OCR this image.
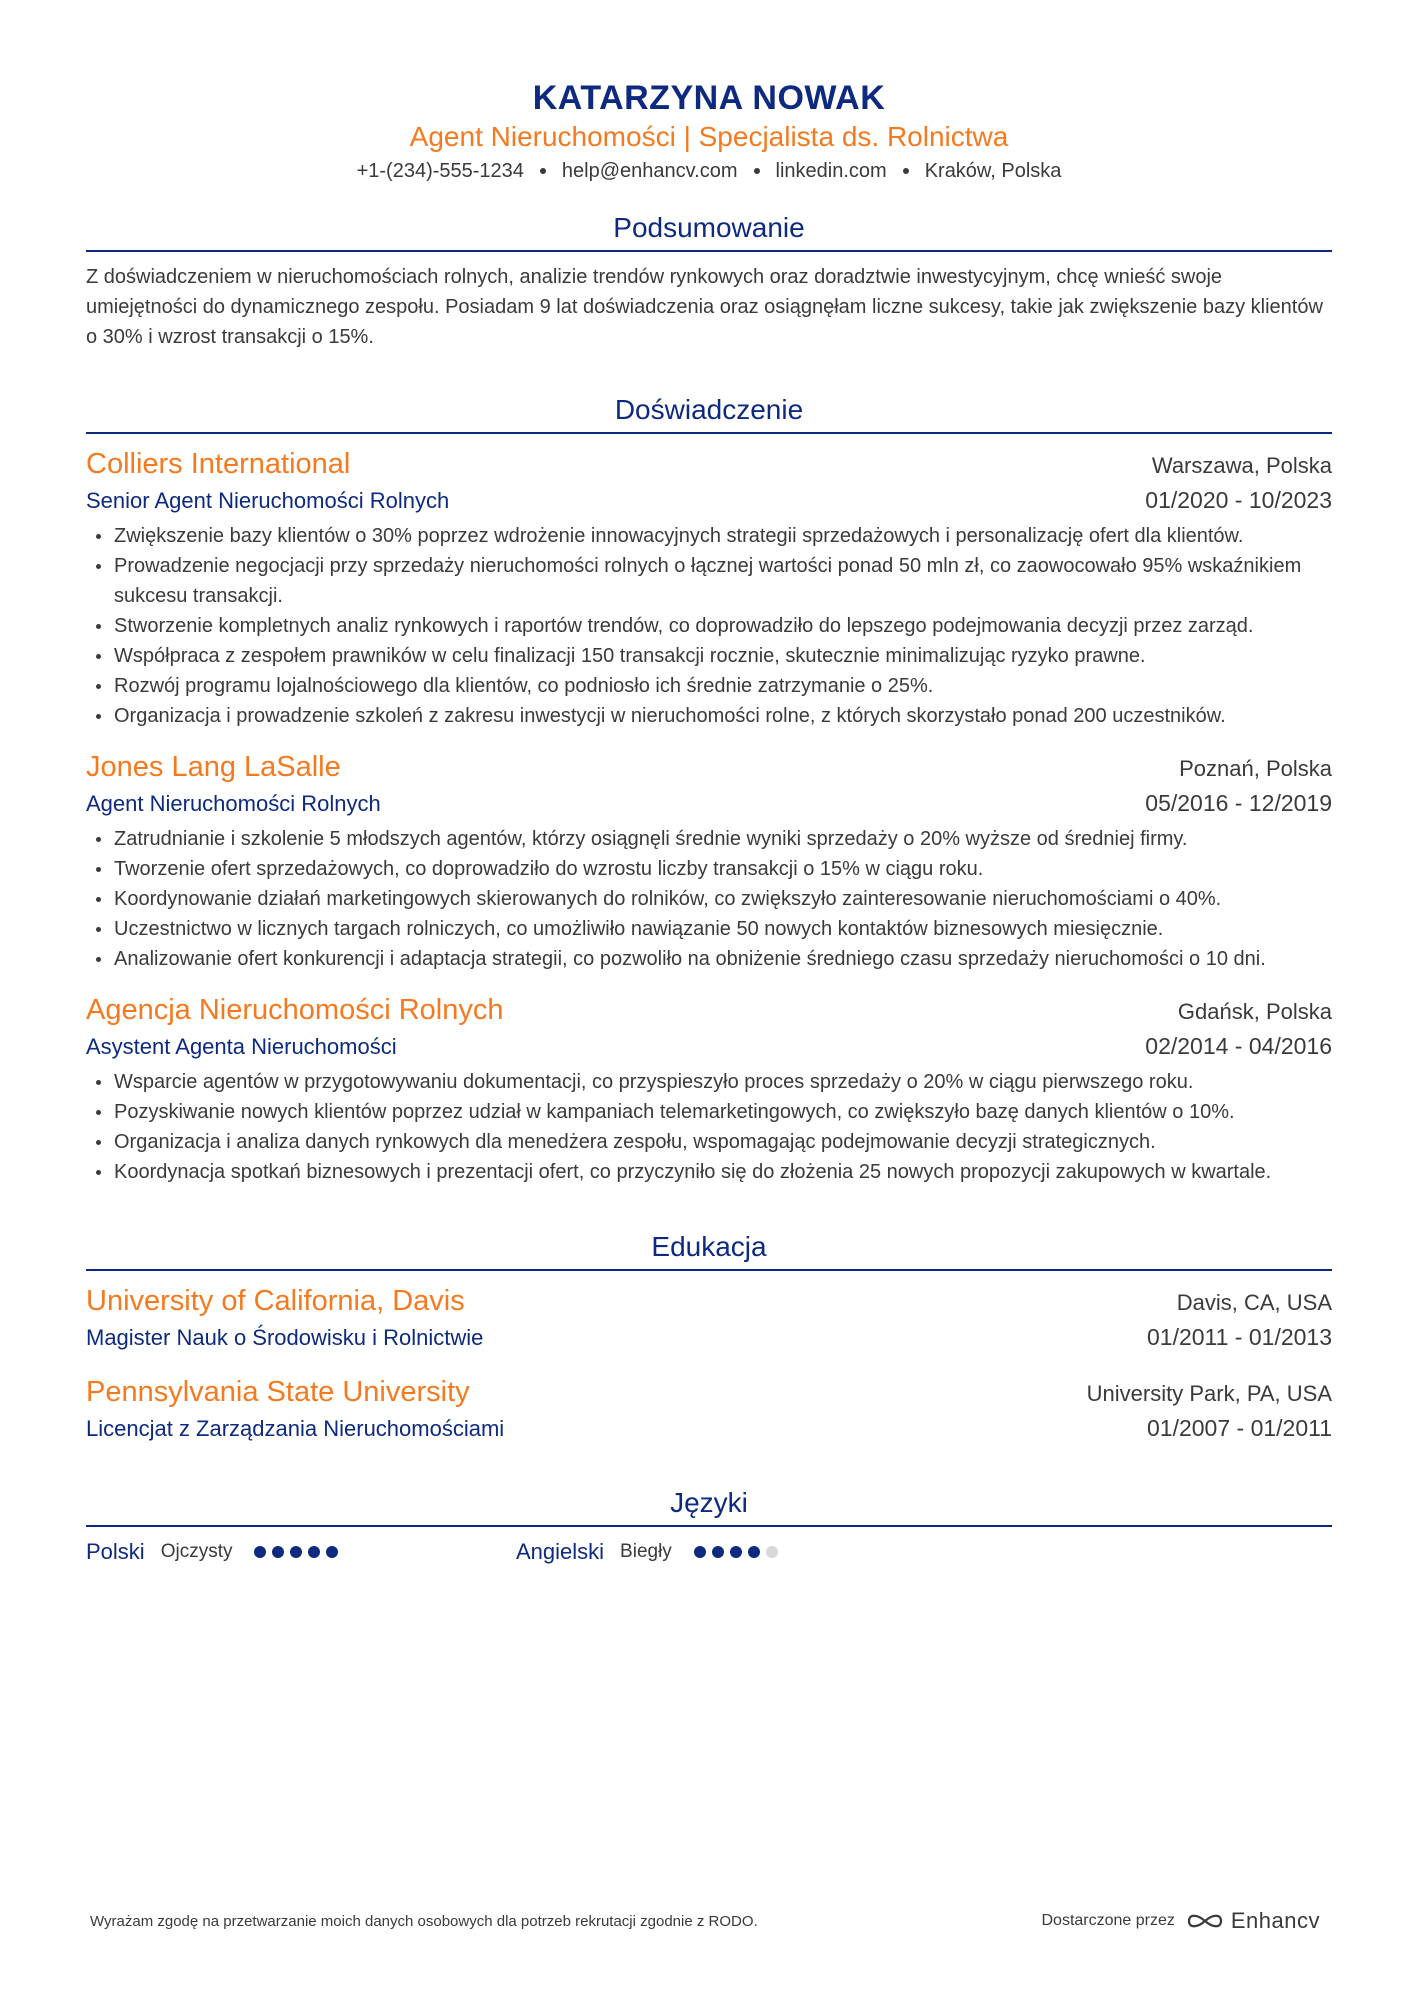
KATARZYNA NOWAK
Agent Nieruchomości | Specjalista ds. Rolnictwa
+1-(234)-555-1234 help@enhancv.com linkedin.com Kraków, Polska
Podsumowanie

Z doświadczeniem w nieruchomościach rolnych, analizie trendów rynkowych oraz doradztwie inwestycyjnym, chcę wnieść swoje umiejętności do dynamicznego zespołu. Posiadam 9 lat doświadczenia oraz osiągnęłam liczne sukcesy, takie jak zwiększenie bazy klientów o 30% i wzrost transakcji o 15%.

Doświadczenie
Colliers International	Warszawa, Polska
Senior Agent Nieruchomości Rolnych	01/2020 - 10/2023
Zwiększenie bazy klientów o 30% poprzez wdrożenie innowacyjnych strategii sprzedażowych i personalizację ofert dla klientów.
Prowadzenie negocjacji przy sprzedaży nieruchomości rolnych o łącznej wartości ponad 50 mln zł, co zaowocowało 95% wskaźnikiem sukcesu transakcji.
Stworzenie kompletnych analiz rynkowych i raportów trendów, co doprowadziło do lepszego podejmowania decyzji przez zarząd.
Współpraca z zespołem prawników w celu finalizacji 150 transakcji rocznie, skutecznie minimalizując ryzyko prawne.
Rozwój programu lojalnościowego dla klientów, co podniosło ich średnie zatrzymanie o 25%.
Organizacja i prowadzenie szkoleń z zakresu inwestycji w nieruchomości rolne, z których skorzystało ponad 200 uczestników.
Jones Lang LaSalle	Poznań, Polska
Agent Nieruchomości Rolnych	05/2016 - 12/2019
Zatrudnianie i szkolenie 5 młodszych agentów, którzy osiągnęli średnie wyniki sprzedaży o 20% wyższe od średniej firmy.
Tworzenie ofert sprzedażowych, co doprowadziło do wzrostu liczby transakcji o 15% w ciągu roku.
Koordynowanie działań marketingowych skierowanych do rolników, co zwiększyło zainteresowanie nieruchomościami o 40%.
Uczestnictwo w licznych targach rolniczych, co umożliwiło nawiązanie 50 nowych kontaktów biznesowych miesięcznie.
Analizowanie ofert konkurencji i adaptacja strategii, co pozwoliło na obniżenie średniego czasu sprzedaży nieruchomości o 10 dni.
Agencja Nieruchomości Rolnych	Gdańsk, Polska
Asystent Agenta Nieruchomości	02/2014 - 04/2016
Wsparcie agentów w przygotowywaniu dokumentacji, co przyspieszyło proces sprzedaży o 20% w ciągu pierwszego roku.
Pozyskiwanie nowych klientów poprzez udział w kampaniach telemarketingowych, co zwiększyło bazę danych klientów o 10%.
Organizacja i analiza danych rynkowych dla menedżera zespołu, wspomagając podejmowanie decyzji strategicznych.
Koordynacja spotkań biznesowych i prezentacji ofert, co przyczyniło się do złożenia 25 nowych propozycji zakupowych w kwartale.
Edukacja
University of California, Davis	Davis, CA, USA
Magister Nauk o Środowisku i Rolnictwie	01/2011 - 01/2013
Pennsylvania State University	University Park, PA, USA
Licencjat z Zarządzania Nieruchomościami	01/2007 - 01/2011
Języki
Polski Ojczysty	Angielski Biegły
Wyrażam zgodę na przetwarzanie moich danych osobowych dla potrzeb rekrutacji zgodnie z RODO.	Dostarczone przez	Enhancv
